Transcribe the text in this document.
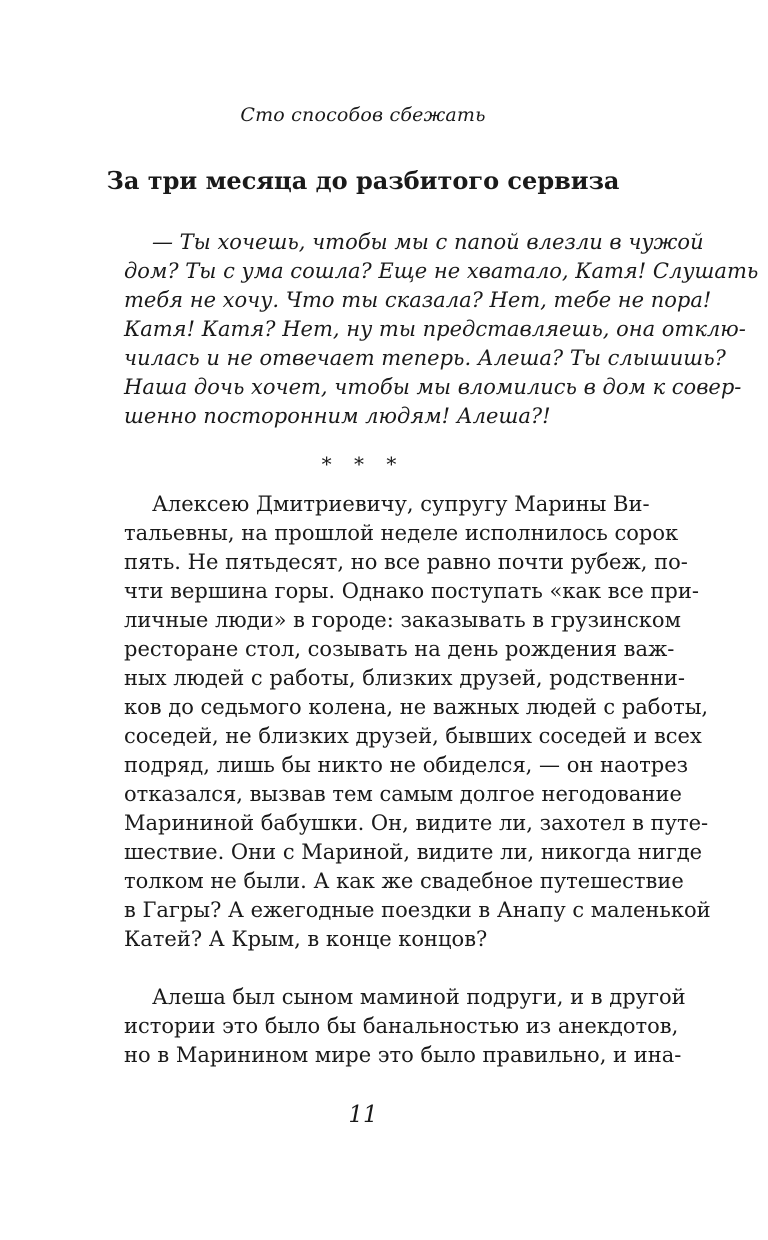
Сто способов сбежать
За три месяца до разбитого сервиза
— Ты хочешь, чтобы мы с папой влезли в чужой
дом? Ты с ума сошла? Еще не хватало, Катя! Слушать
тебя не хочу. Что ты сказала? Нет, тебе не пора!
Катя! Катя? Нет, ну ты представляешь, она отклю-
чилась и не отвечает теперь. Алеша? Ты слышишь?
Наша дочь хочет, чтобы мы вломились в дом к совер-
шенно посторонним людям! Алеша?!
* * *
Алексею Дмитриевичу, супругу Марины Ви-
тальевны, на прошлой неделе исполнилось сорок
пять. Не пятьдесят, но все равно почти рубеж, по-
чти вершина горы. Однако поступать «как все при-
личные люди» в городе: заказывать в грузинском
ресторане стол, созывать на день рождения важ-
ных людей с работы, близких друзей, родственни-
ков до седьмого колена, не важных людей с работы,
соседей, не близких друзей, бывших соседей и всех
подряд, лишь бы никто не обиделся, — он наотрез
отказался, вызвав тем самым долгое негодование
Марининой бабушки. Он, видите ли, захотел в путе-
шествие. Они с Мариной, видите ли, никогда нигде
толком не были. А как же свадебное путешествие
в Гагры? А ежегодные поездки в Анапу с маленькой
Катей? А Крым, в конце концов?
Алеша был сыном маминой подруги, и в другой
истории это было бы банальностью из анекдотов,
но в Маринином мире это было правильно, и ина-
11
